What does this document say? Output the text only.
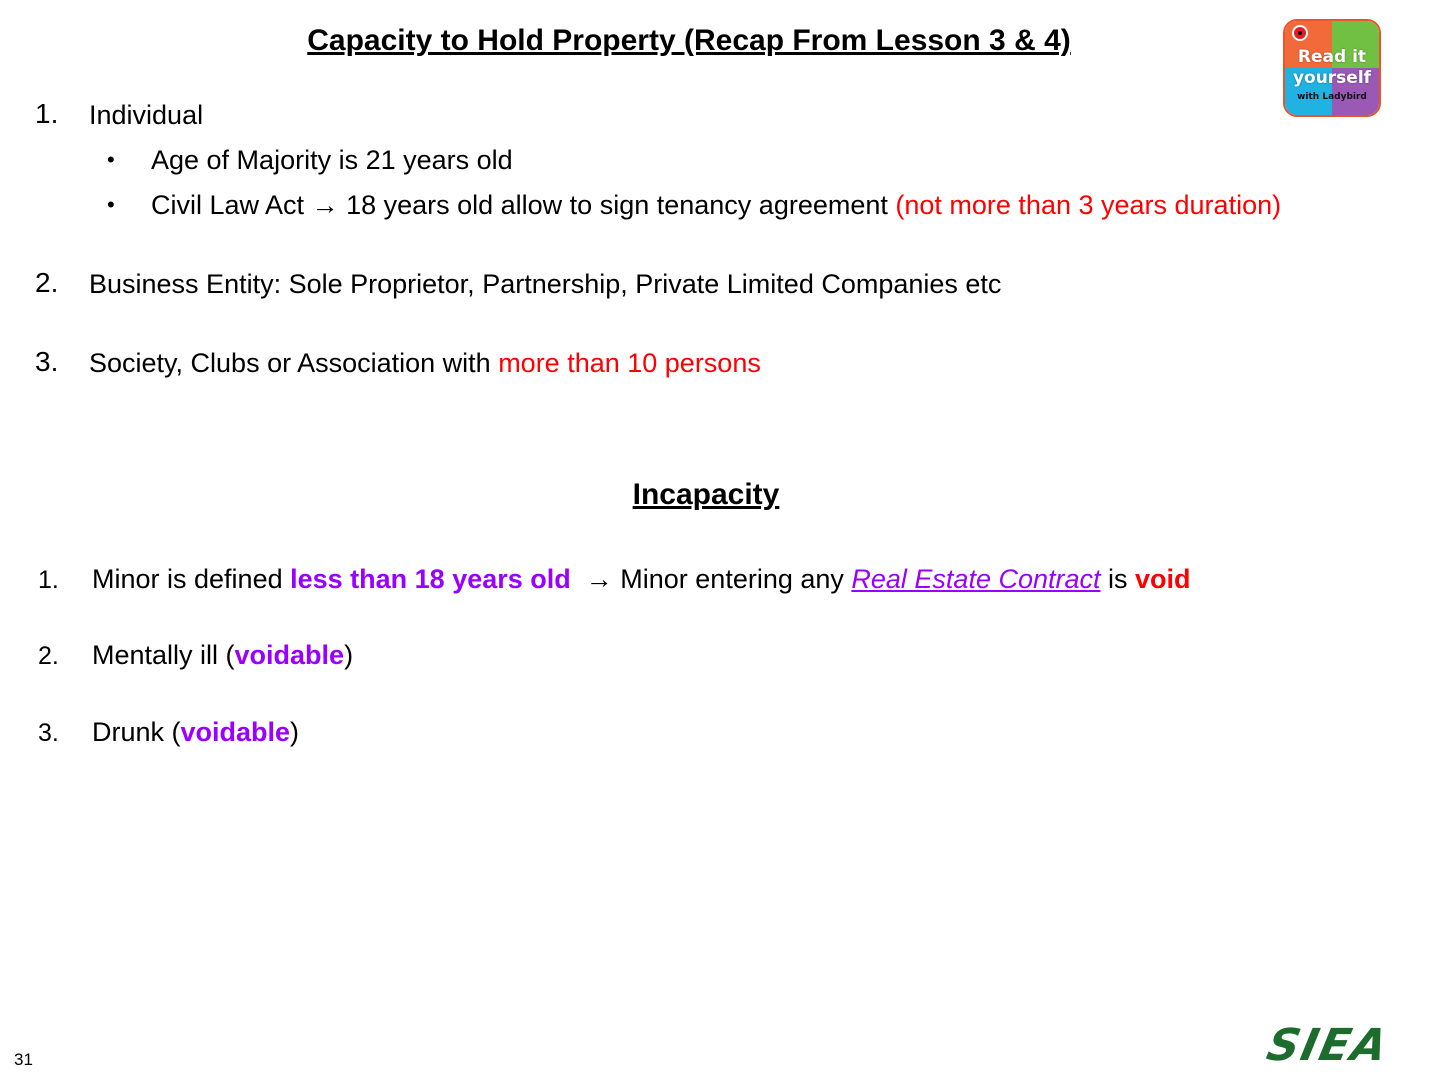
Capacity to Hold Property (Recap From Lesson 3 & 4)	Read it
yourself
with Ladybird
1. Individual
• Age of Majority is 21 years old
• Civil Law Act → 18 years old allow to sign tenancy agreement (not more than 3 years duration)
2. Business Entity: Sole Proprietor, Partnership, Private Limited Companies etc
3. Society, Clubs or Association with more than 10 persons
Incapacity
1. Minor is defined less than 18 years old → Minor entering any Real Estate Contract is void
2. Mentally ill (voidable)
3. Drunk (voidable)
31	SIEA
